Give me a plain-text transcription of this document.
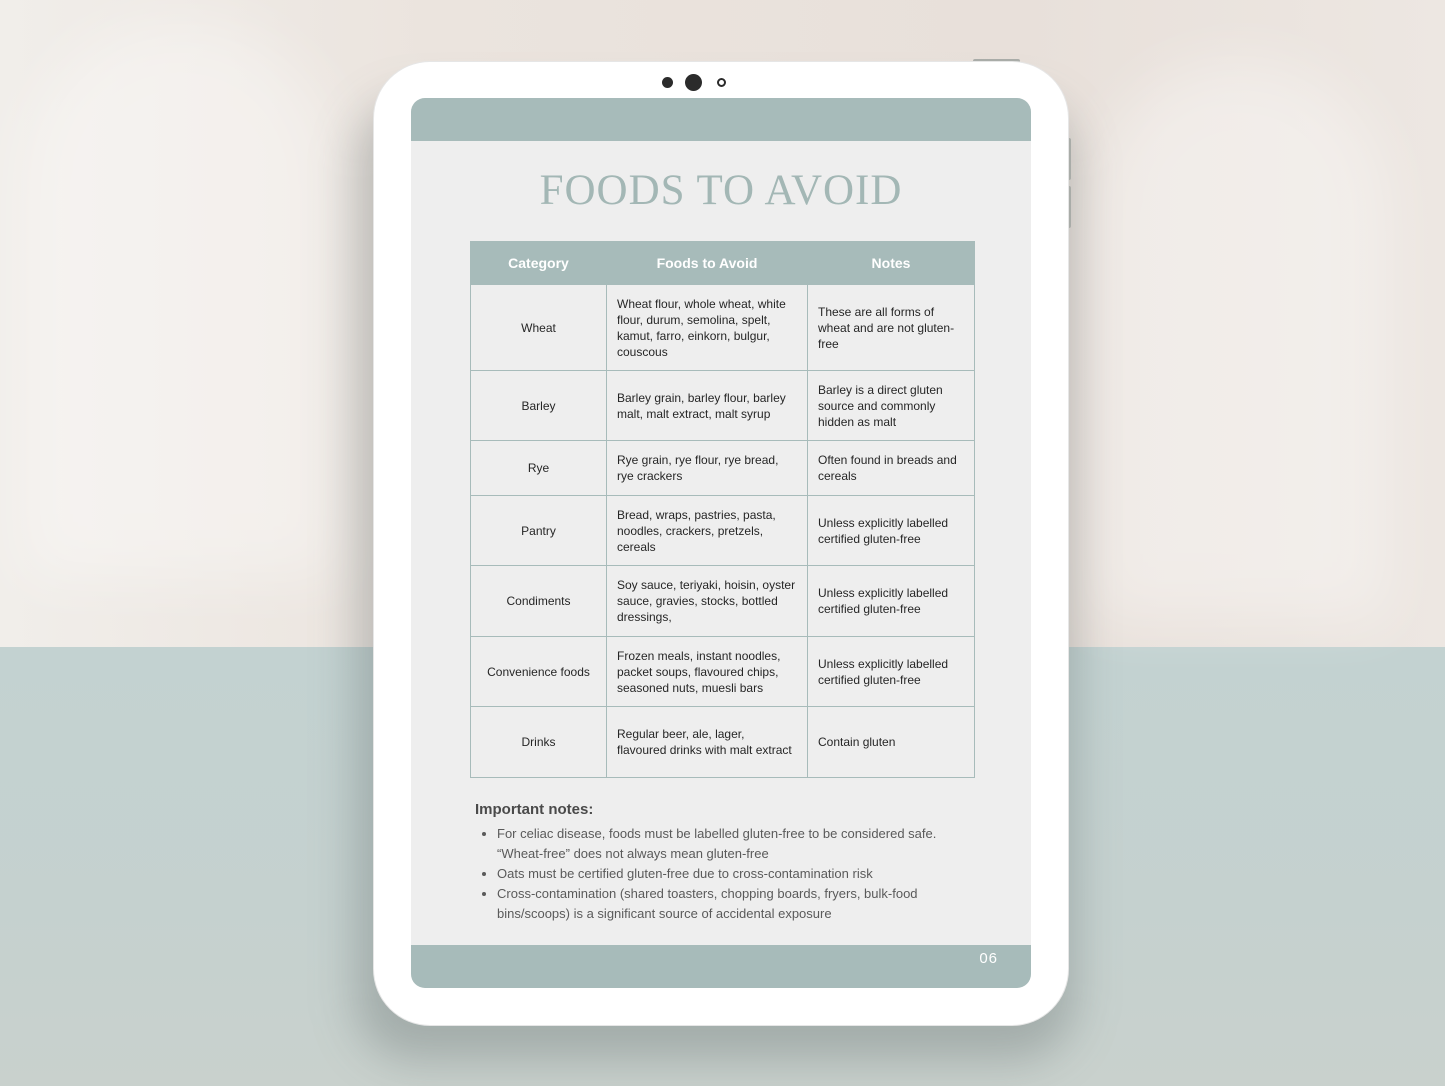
FOODS TO AVOID
Category	Foods to Avoid	Notes
Wheat	Wheat flour, whole wheat, white flour, durum, semolina, spelt, kamut, farro, einkorn, bulgur, couscous	These are all forms of wheat and are not gluten-free
Barley	Barley grain, barley flour, barley malt, malt extract, malt syrup	Barley is a direct gluten source and commonly hidden as malt
Rye	Rye grain, rye flour, rye bread, rye crackers	Often found in breads and cereals
Pantry	Bread, wraps, pastries, pasta, noodles, crackers, pretzels, cereals	Unless explicitly labelled certified gluten-free
Condiments	Soy sauce, teriyaki, hoisin, oyster sauce, gravies, stocks, bottled dressings,	Unless explicitly labelled certified gluten-free
Convenience foods	Frozen meals, instant noodles, packet soups, flavoured chips, seasoned nuts, muesli bars	Unless explicitly labelled certified gluten-free
Drinks	Regular beer, ale, lager, flavoured drinks with malt extract	Contain gluten
Important notes:
• For celiac disease, foods must be labelled gluten-free to be considered safe. “Wheat-free” does not always mean gluten-free
• Oats must be certified gluten-free due to cross-contamination risk
• Cross-contamination (shared toasters, chopping boards, fryers, bulk-food bins/scoops) is a significant source of accidental exposure
06
